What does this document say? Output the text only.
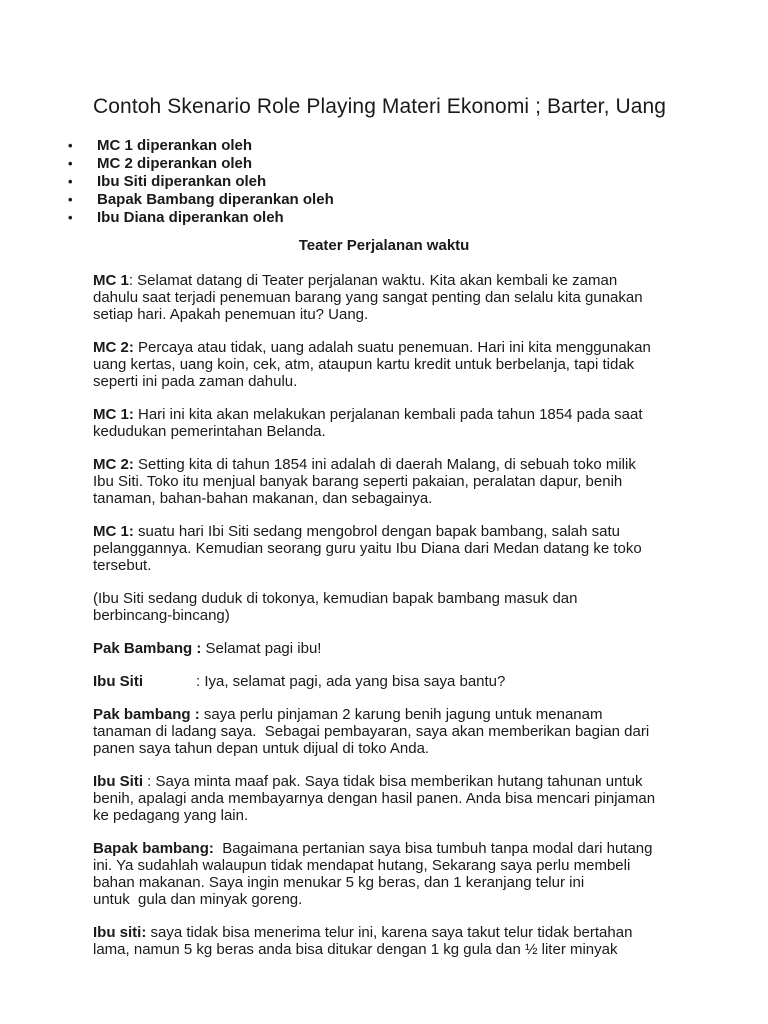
Contoh Skenario Role Playing Materi Ekonomi ; Barter, Uang
• MC 1 diperankan oleh
• MC 2 diperankan oleh
• Ibu Siti diperankan oleh
• Bapak Bambang diperankan oleh
• Ibu Diana diperankan oleh
Teater Perjalanan waktu

MC 1: Selamat datang di Teater perjalanan waktu. Kita akan kembali ke zaman
dahulu saat terjadi penemuan barang yang sangat penting dan selalu kita gunakan
setiap hari. Apakah penemuan itu? Uang.

MC 2: Percaya atau tidak, uang adalah suatu penemuan. Hari ini kita menggunakan
uang kertas, uang koin, cek, atm, ataupun kartu kredit untuk berbelanja, tapi tidak
seperti ini pada zaman dahulu.

MC 1: Hari ini kita akan melakukan perjalanan kembali pada tahun 1854 pada saat
kedudukan pemerintahan Belanda.

MC 2: Setting kita di tahun 1854 ini adalah di daerah Malang, di sebuah toko milik
Ibu Siti. Toko itu menjual banyak barang seperti pakaian, peralatan dapur, benih
tanaman, bahan-bahan makanan, dan sebagainya.

MC 1: suatu hari Ibi Siti sedang mengobrol dengan bapak bambang, salah satu
pelanggannya. Kemudian seorang guru yaitu Ibu Diana dari Medan datang ke toko
tersebut.

(Ibu Siti sedang duduk di tokonya, kemudian bapak bambang masuk dan
berbincang-bincang)

Pak Bambang : Selamat pagi ibu!

Ibu Siti	: Iya, selamat pagi, ada yang bisa saya bantu?

Pak bambang : saya perlu pinjaman 2 karung benih jagung untuk menanam
tanaman di ladang saya.  Sebagai pembayaran, saya akan memberikan bagian dari
panen saya tahun depan untuk dijual di toko Anda.

Ibu Siti : Saya minta maaf pak. Saya tidak bisa memberikan hutang tahunan untuk
benih, apalagi anda membayarnya dengan hasil panen. Anda bisa mencari pinjaman
ke pedagang yang lain.

Bapak bambang:  Bagaimana pertanian saya bisa tumbuh tanpa modal dari hutang
ini. Ya sudahlah walaupun tidak mendapat hutang, Sekarang saya perlu membeli
bahan makanan. Saya ingin menukar 5 kg beras, dan 1 keranjang telur ini
untuk  gula dan minyak goreng.

Ibu siti: saya tidak bisa menerima telur ini, karena saya takut telur tidak bertahan
lama, namun 5 kg beras anda bisa ditukar dengan 1 kg gula dan ½ liter minyak
